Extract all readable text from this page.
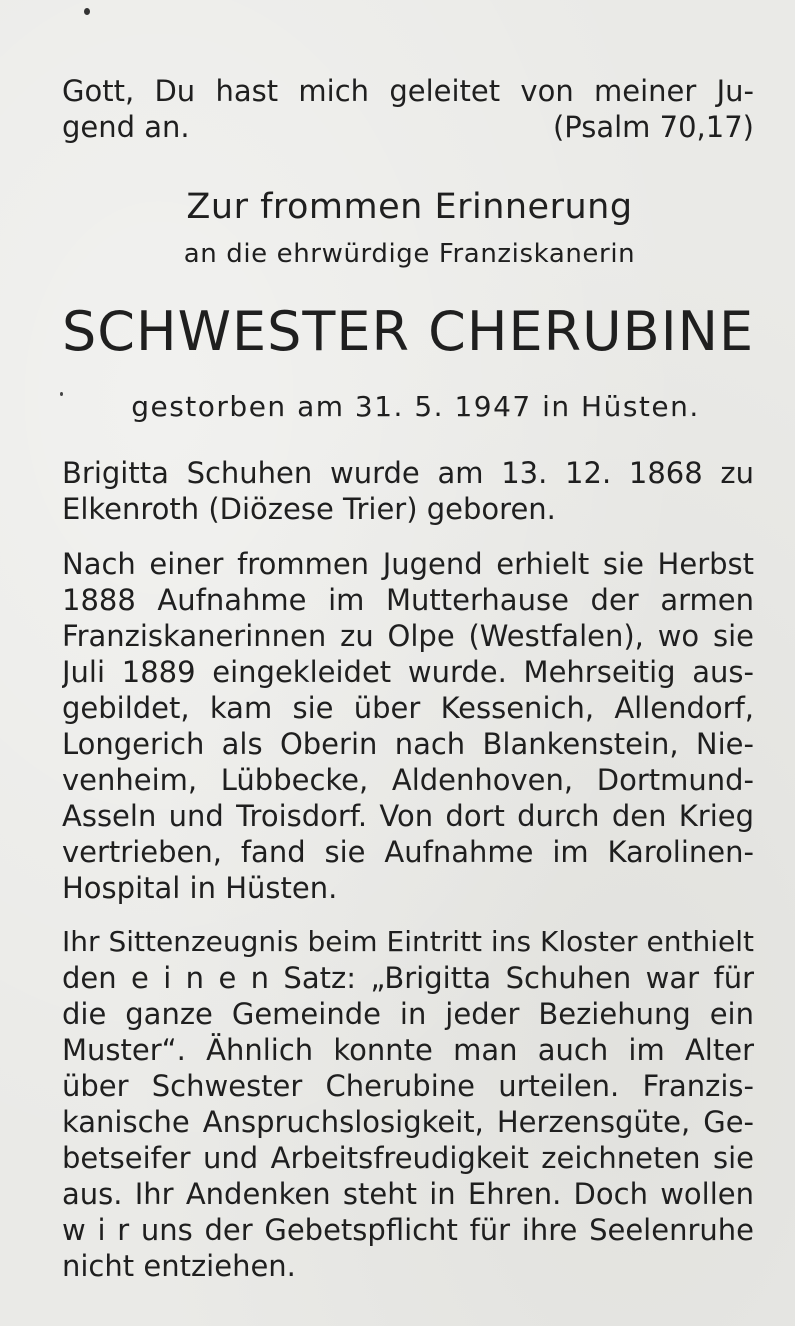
Gott, Du hast mich geleitet von meiner Ju-
gend an.	(Psalm 70,17)
Zur frommen Erinnerung
an die ehrwürdige Franziskanerin
SCHWESTER CHERUBINE
gestorben am 31. 5. 1947 in Hüsten.
Brigitta Schuhen wurde am 13. 12. 1868 zu
Elkenroth (Diözese Trier) geboren.
Nach einer frommen Jugend erhielt sie Herbst
1888 Aufnahme im Mutterhause der armen
Franziskanerinnen zu Olpe (Westfalen), wo sie
Juli 1889 eingekleidet wurde. Mehrseitig aus-
gebildet, kam sie über Kessenich, Allendorf,
Longerich als Oberin nach Blankenstein, Nie-
venheim, Lübbecke, Aldenhoven, Dortmund-
Asseln und Troisdorf. Von dort durch den Krieg
vertrieben, fand sie Aufnahme im Karolinen-
Hospital in Hüsten.
Ihr Sittenzeugnis beim Eintritt ins Kloster enthielt
den e i n e n Satz: „Brigitta Schuhen war für
die ganze Gemeinde in jeder Beziehung ein
Muster“. Ähnlich konnte man auch im Alter
über Schwester Cherubine urteilen. Franzis-
kanische Anspruchslosigkeit, Herzensgüte, Ge-
betseifer und Arbeitsfreudigkeit zeichneten sie
aus. Ihr Andenken steht in Ehren. Doch wollen
w i r uns der Gebetspflicht für ihre Seelenruhe
nicht entziehen.
